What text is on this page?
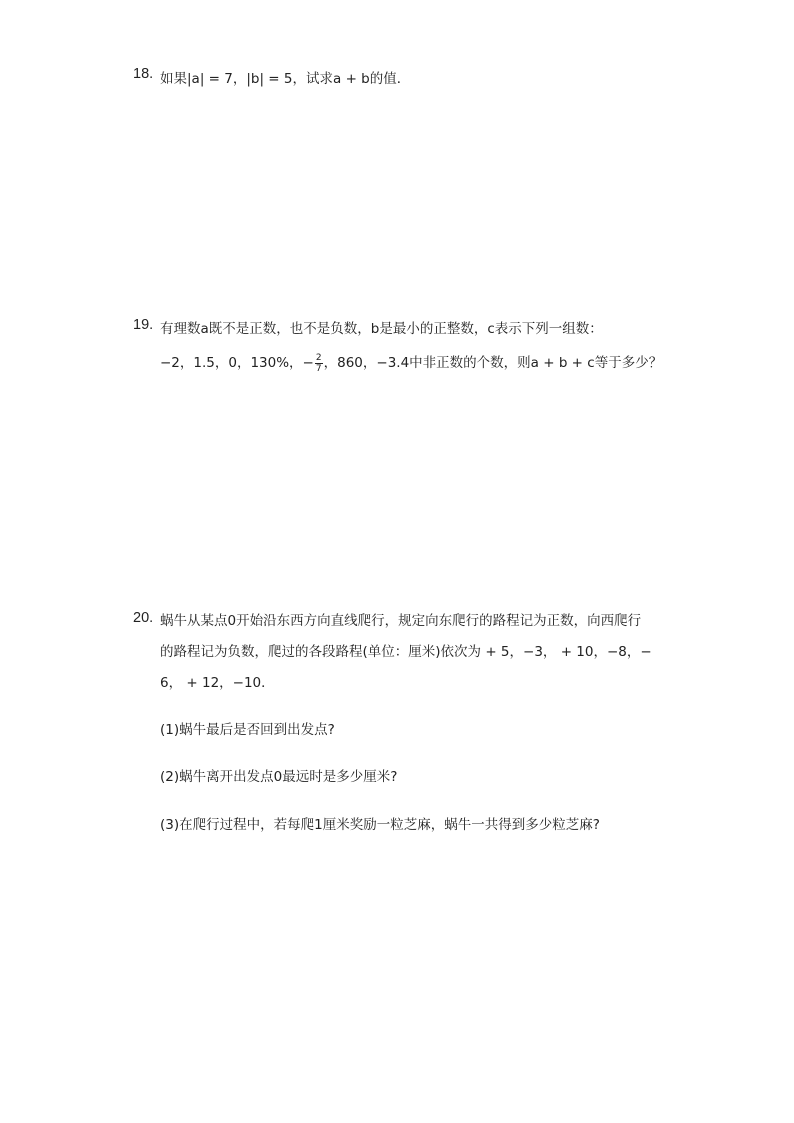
18. 如果|a| = 7，|b| = 5，试求a + b的值．
19. 有理数a既不是正数，也不是负数，b是最小的正整数，c表示下列一组数：
−2，1.5，0，130%，− $\frac{2}{7}$ ，860，−3.4中非正数的个数，则a + b + c等于多少？
20. 蜗牛从某点0开始沿东西方向直线爬行，规定向东爬行的路程记为正数，向西爬行
的路程记为负数，爬过的各段路程(单位：厘米)依次为 + 5，−3， + 10，−8，−
6， + 12，−10．
(1)蜗牛最后是否回到出发点?
(2)蜗牛离开出发点0最远时是多少厘米?
(3)在爬行过程中，若每爬1厘米奖励一粒芝麻，蜗牛一共得到多少粒芝麻?
